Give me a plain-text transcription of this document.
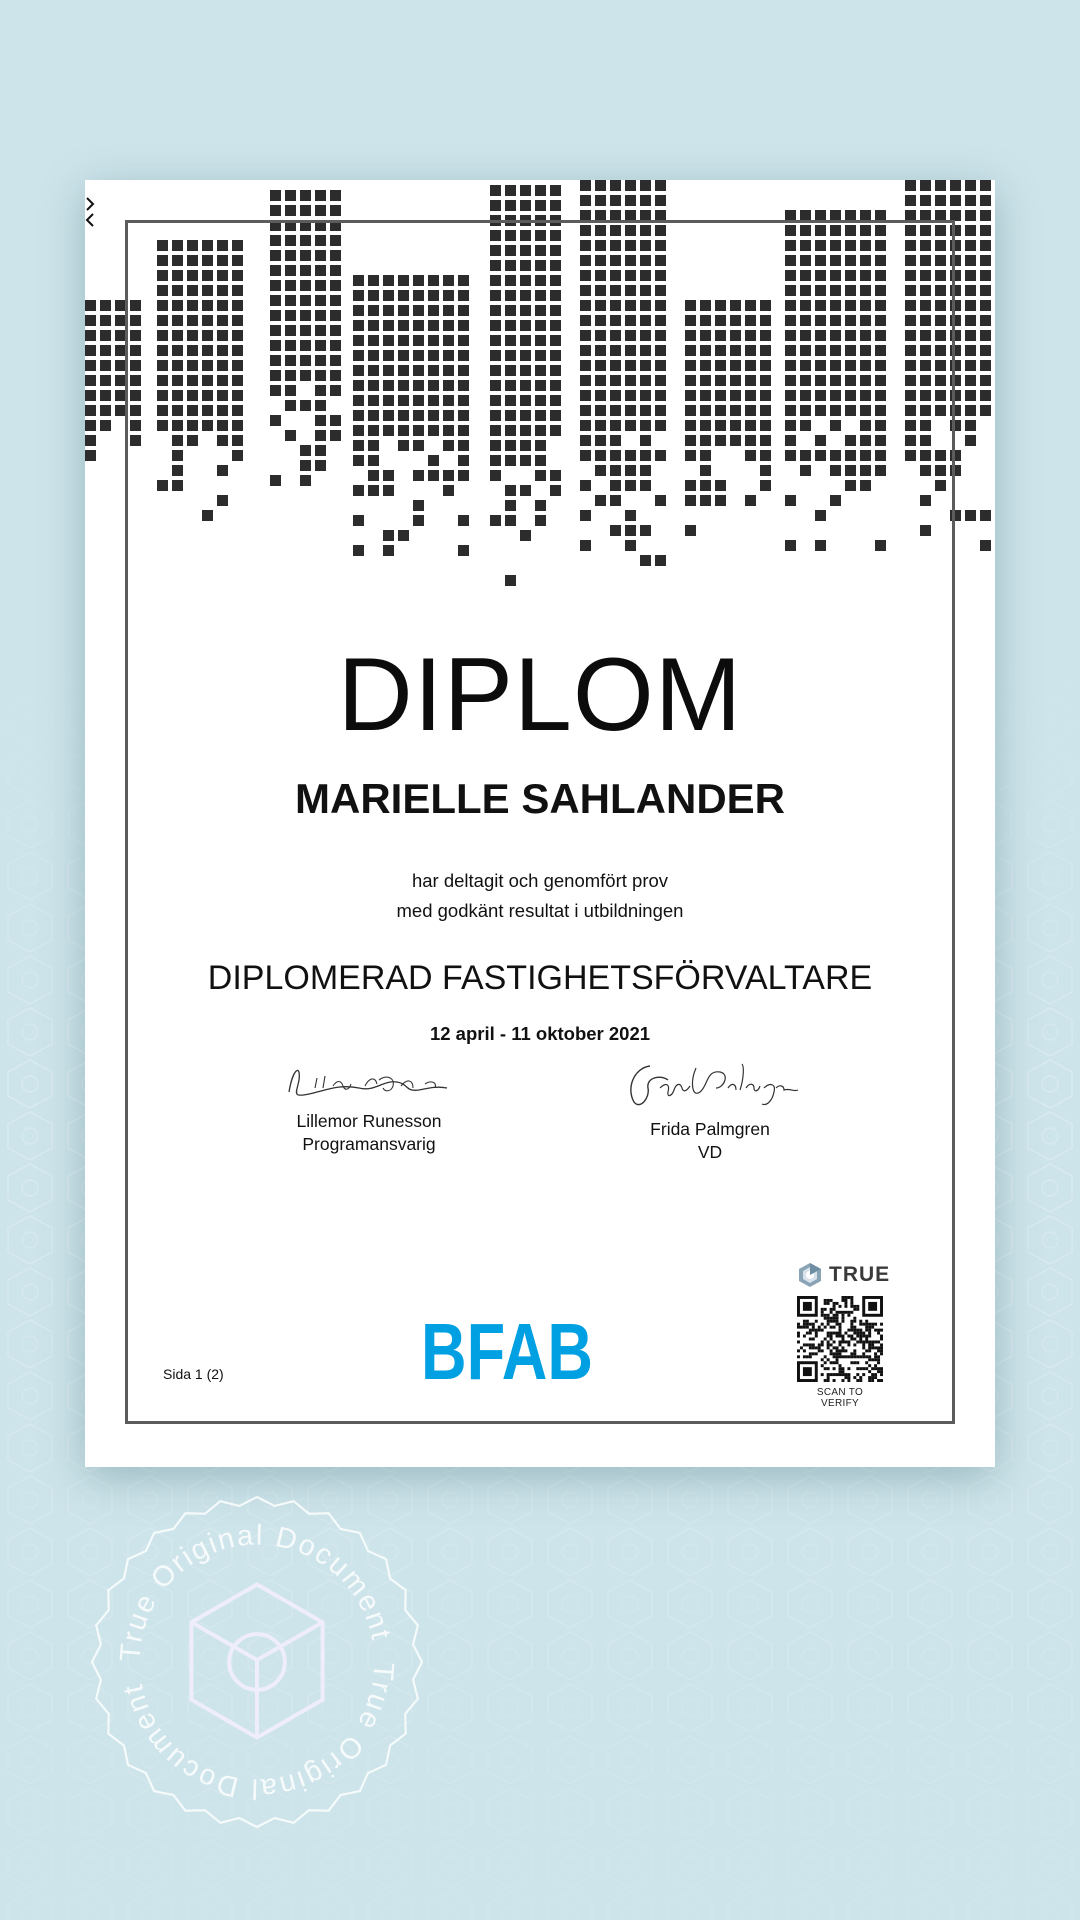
DIPLOM
MARIELLE SAHLANDER
har deltagit och genomfört prov
med godkänt resultat i utbildningen
DIPLOMERAD FASTIGHETSFÖRVALTARE
12 april - 11 oktober 2021
Lillemor Runesson
Programansvarig
Frida Palmgren
VD
Sida 1 (2) BFAB
TRUE
SCAN TO VERIFY
True Original Document
True Original Document
